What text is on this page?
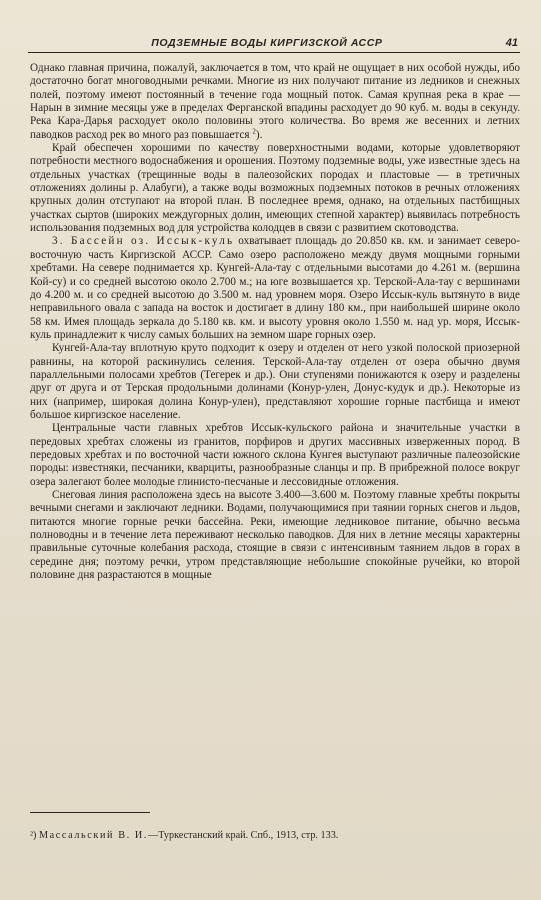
ПОДЗЕМНЫЕ ВОДЫ КИРГИЗСКОЙ АССР	41

Однако главная причина, пожалуй, заключается в том, что край не ощущает в них особой нужды, ибо достаточно богат многоводными речками. Многие из них получают питание из ледников и снежных полей, поэтому имеют постоянный в течение года мощный поток. Самая крупная река в крае — Нарын в зимние месяцы уже в пределах Ферганской впадины расходует до 90 куб. м. воды в секунду. Река Кара-Дарья расходует около половины этого количества. Во время же весенних и летних паводков расход рек во много раз повышается $^2$).

Край обеспечен хорошими по качеству поверхностными водами, которые удовлетворяют потребности местного водоснабжения и орошения. Поэтому подземные воды, уже известные здесь на отдельных участках (трещинные воды в палеозойских породах и пластовые — в третичных отложениях долины р. Алабуги), а также воды возможных подземных потоков в речных отложениях крупных долин отступают на второй план. В последнее время, однако, на отдельных пастбищных участках сыртов (широких междугорных долин, имеющих степной характер) выявилась потребность использования подземных вод для устройства колодцев в связи с развитием скотоводства.

3. Бассейн оз. Иссык-куль охватывает площадь до 20.850 кв. км. и занимает северо-восточную часть Киргизской АССР. Само озеро расположено между двумя мощными горными хребтами. На севере поднимается хр. Кунгей-Ала-тау с отдельными высотами до 4.261 м. (вершина Кой-су) и со средней высотою около 2.700 м.; на юге возвышается хр. Терской-Ала-тау с вершинами до 4.200 м. и со средней высотою до 3.500 м. над уровнем моря. Озеро Иссык-куль вытянуто в виде неправильного овала с запада на восток и достигает в длину 180 км., при наибольшей ширине около 58 км. Имея площадь зеркала до 5.180 кв. км. и высоту уровня около 1.550 м. над ур. моря, Иссык-куль принадлежит к числу самых больших на земном шаре горных озер.

Кунгей-Ала-тау вплотную круто подходит к озеру и отделен от него узкой полоской приозерной равнины, на которой раскинулись селения. Терской-Ала-тау отделен от озера обычно двумя параллельными полосами хребтов (Тегерек и др.). Они ступенями понижаются к озеру и разделены друг от друга и от Терская продольными долинами (Конур-улен, Донус-кудук и др.). Некоторые из них (например, широкая долина Конур-улен), представляют хорошие горные пастбища и имеют большое киргизское население.

Центральные части главных хребтов Иссык-кульского района и значительные участки в передовых хребтах сложены из гранитов, порфиров и других массивных изверженных пород. В передовых хребтах и по восточной части южного склона Кунгея выступают различные палеозойские породы: известняки, песчаники, кварциты, разнообразные сланцы и пр. В прибрежной полосе вокруг озера залегают более молодые глинисто-песчаные и лессовидные отложения.

Снеговая линия расположена здесь на высоте 3.400—3.600 м. Поэтому главные хребты покрыты вечными снегами и заключают ледники. Водами, получающимися при таянии горных снегов и льдов, питаются многие горные речки бассейна. Реки, имеющие ледниковое питание, обычно весьма полноводны и в течение лета переживают несколько паводков. Для них в летние месяцы характерны правильные суточные колебания расхода, стоящие в связи с интенсивным таянием льдов в горах в середине дня; поэтому речки, утром представляющие небольшие спокойные ручейки, ко второй половине дня разрастаются в мощные

²) Массальский В. И.—Туркестанский край. Спб., 1913, стр. 133.
